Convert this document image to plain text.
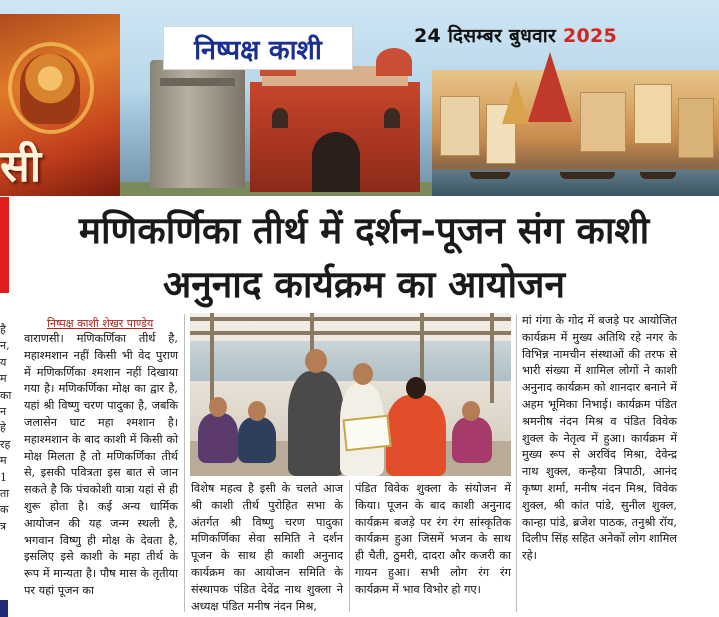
सी
निष्पक्ष काशी	24 दिसम्बर बुधवार 2025
है
न,
य
म
का
न
हे
रह
म
1
ता
क
त्र
मणिकर्णिका तीर्थ में दर्शन-पूजन संग काशी
अनुनाद कार्यक्रम का आयोजन
निष्पक्ष काशी शेखर पाण्डेय
वाराणसी। मणिकर्णिका तीर्थ है, महाश्मशान नहीं किसी भी वेद पुराण में मणिकर्णिका श्मशान नहीं दिखाया गया है। मणिकर्णिका मोक्ष का द्वार है, यहां श्री विष्णु चरण पादुका है, जबकि जलासेन घाट महा श्मशान है। महाश्मशान के बाद काशी में किसी को मोक्ष मिलता है तो मणिकर्णिका तीर्थ से, इसकी पवित्रता इस बात से जान सकते है कि पंचकोशी यात्रा यहां से ही शुरू होता है। कई अन्य धार्मिक आयोजन की यह जन्म स्थली है, भगवान विष्णु ही मोक्ष के देवता है, इसलिए इसे काशी के महा तीर्थ के रूप में मान्यता है। पौष मास के तृतीया पर यहां पूजन का
विशेष महत्व है इसी के चलते आज श्री काशी तीर्थ पुरोहित सभा के अंतर्गत श्री विष्णु चरण पादुका मणिकर्णिका सेवा समिति ने दर्शन पूजन के साथ ही काशी अनुनाद कार्यक्रम का आयोजन समिति के संस्थापक पंडित देवेंद्र नाथ शुक्ला ने अध्यक्ष पंडित मनीष नंदन मिश्र,
पंडित विवेक शुक्ला के संयोजन में किया। पूजन के बाद काशी अनुनाद कार्यक्रम बजड़े पर रंग रंग सांस्कृतिक कार्यक्रम हुआ जिसमें भजन के साथ ही चैती, ठुमरी, दादरा और कजरी का गायन हुआ। सभी लोग रंग रंग कार्यक्रम में भाव विभोर हो गए।
मां गंगा के गोद में बजड़े पर आयोजित कार्यक्रम में मुख्य अतिथि रहे नगर के विभिन्न नामचीन संस्थाओं की तरफ से भारी संख्या में शामिल लोगों ने काशी अनुनाद कार्यक्रम को शानदार बनाने में अहम भूमिका निभाई। कार्यक्रम पंडित श्रमनीष नंदन मिश्र व पंडित विवेक शुक्ल के नेतृत्व में हुआ। कार्यक्रम में मुख्य रूप से अरविंद मिश्रा, देवेन्द्र नाथ शुक्ल, कन्हैया त्रिपाठी, आनंद कृष्ण शर्मा, मनीष नंदन मिश्र, विवेक शुक्ल, श्री कांत पांडे, सुनील शुक्ल, कान्हा पांडे, ब्रजेश पाठक, तनुश्री रॉय, दिलीप सिंह सहित अनेकों लोग शामिल रहे।
